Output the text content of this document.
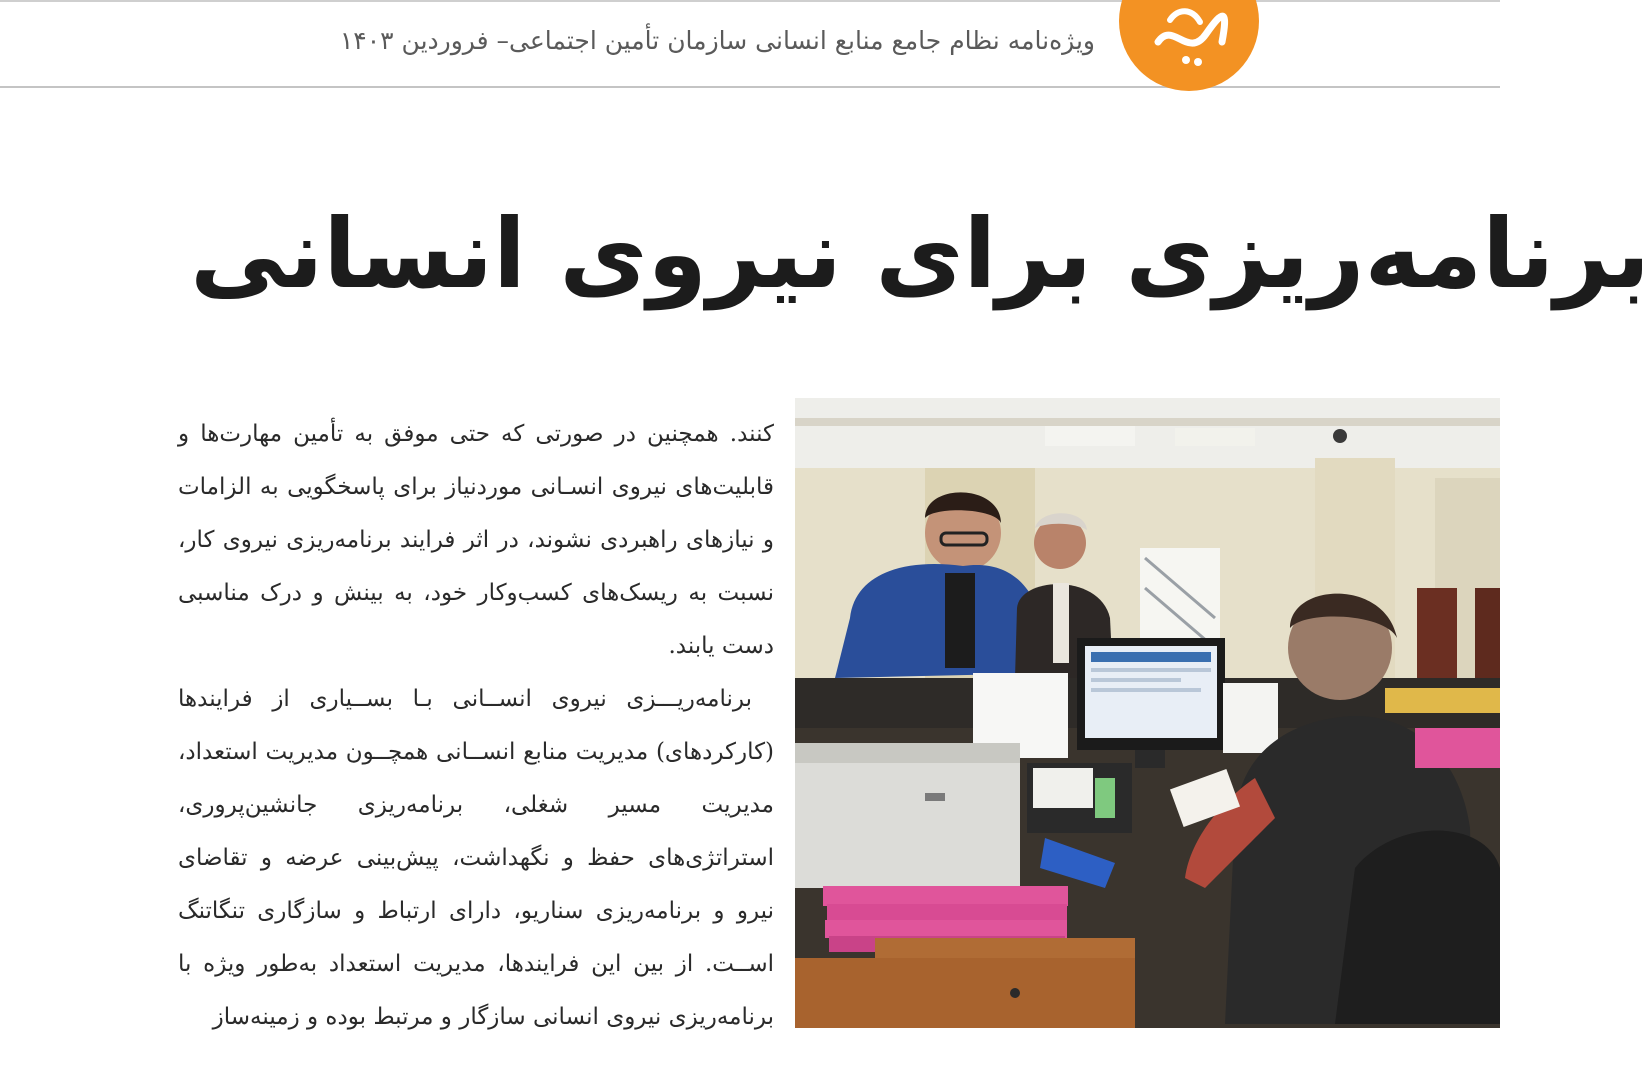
ویژه‌نامه نظام جامع منابع انسانی سازمان تأمین اجتماعی– فروردین ۱۴۰۳
برنامه‌ریزی برای نیروی انسانی

کنند. همچنین در صورتی که حتی موفق به تأمین مهارت‌ها و قابلیت‌های نیروی انسـانی موردنیاز برای پاسخگویی به الزامات و نیازهای راهبردی نشوند، در اثر فرایند برنامه‌ریزی نیروی کار، نسبت به ریسک‌های کسب‌وکار خود، به بینش و درک مناسبی دست یابند.

برنامه‌ریـــزی نیروی انســانی بـا بســیاری از فرایندها (کارکردهای) مدیریت منابع انســانی همچــون مدیریت استعداد، مدیریت مسیر شغلی، برنامه‌ریزی جانشین‌پروری، استراتژی‌های حفظ و نگهداشت، پیش‌بینی عرضه و تقاضای نیرو و برنامه‌ریزی سناریو، دارای ارتباط و سازگاری تنگاتنگ اســت. از بین این فرایندها، مدیریت استعداد به‌طور ویژه با برنامه‌ریزی نیروی انسانی سازگار و مرتبط بوده و زمینه‌ساز
